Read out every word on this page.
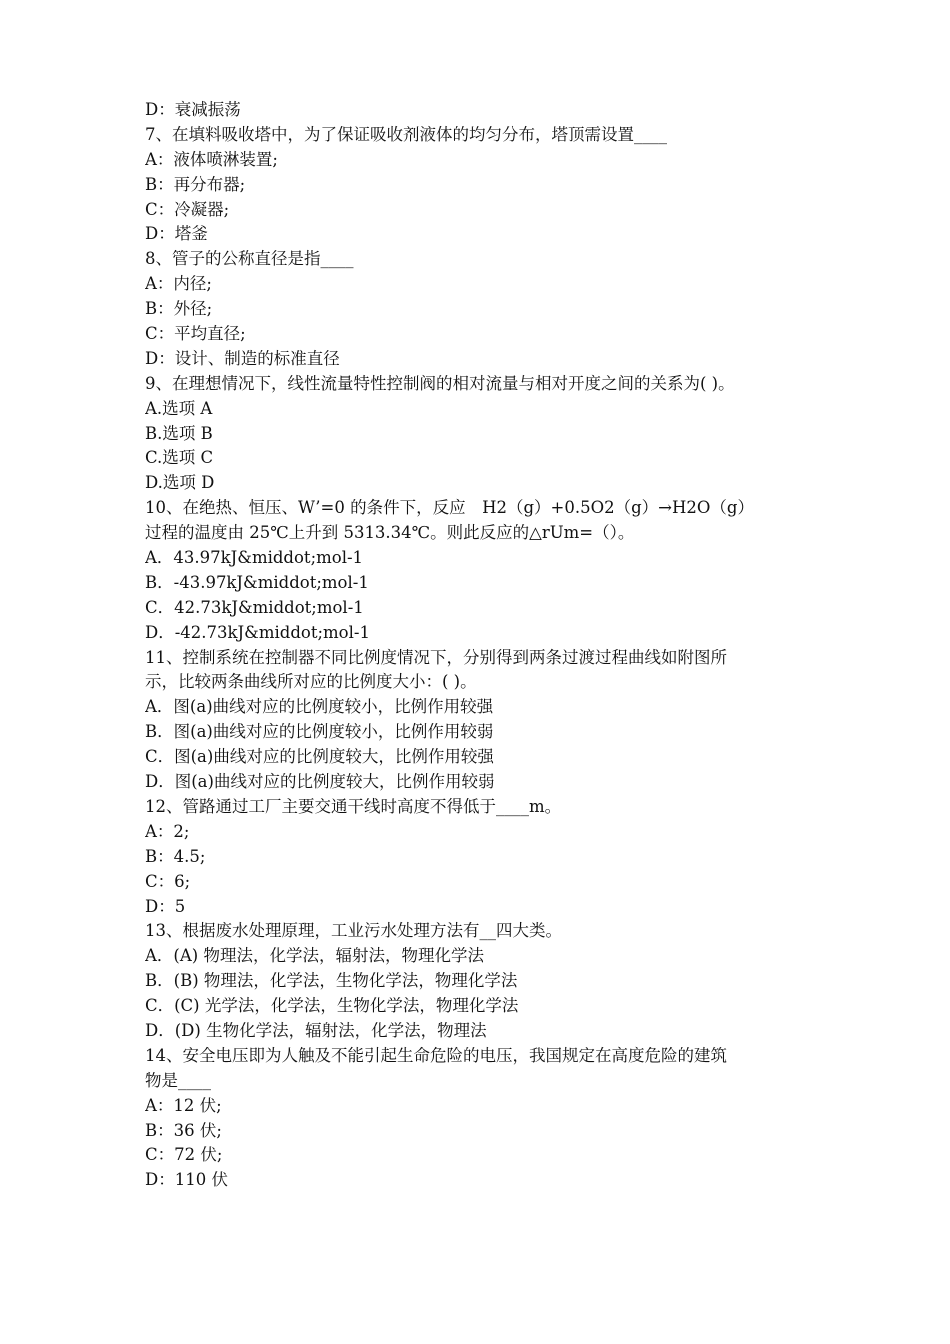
D：衰减振荡
7、在填料吸收塔中，为了保证吸收剂液体的均匀分布，塔顶需设置____
A：液体喷淋装置;
B：再分布器;
C：冷凝器;
D：塔釜
8、管子的公称直径是指____
A：内径;
B：外径;
C：平均直径;
D：设计、制造的标准直径
9、在理想情况下，线性流量特性控制阀的相对流量与相对开度之间的关系为( )。
A.选项 A
B.选项 B
C.选项 C
D.选项 D
10、在绝热、恒压、W’=0 的条件下，反应　H2（g）+0.5O2（g）→H2O（g）
过程的温度由 25℃上升到 5313.34℃。则此反应的△rUm=（）。
A．43.97kJ&middot;mol-1
B．-43.97kJ&middot;mol-1
C．42.73kJ&middot;mol-1
D．-42.73kJ&middot;mol-1
11、控制系统在控制器不同比例度情况下，分别得到两条过渡过程曲线如附图所
示，比较两条曲线所对应的比例度大小：( )。
A．图(a)曲线对应的比例度较小，比例作用较强
B．图(a)曲线对应的比例度较小，比例作用较弱
C．图(a)曲线对应的比例度较大，比例作用较强
D．图(a)曲线对应的比例度较大，比例作用较弱
12、管路通过工厂主要交通干线时高度不得低于____m。
A：2;
B：4.5;
C：6;
D：5
13、根据废水处理原理，工业污水处理方法有__四大类。
A．(A) 物理法，化学法，辐射法，物理化学法
B．(B) 物理法，化学法，生物化学法，物理化学法
C．(C) 光学法，化学法，生物化学法，物理化学法
D．(D) 生物化学法，辐射法，化学法，物理法
14、安全电压即为人触及不能引起生命危险的电压，我国规定在高度危险的建筑
物是____
A：12 伏;
B：36 伏;
C：72 伏;
D：110 伏
